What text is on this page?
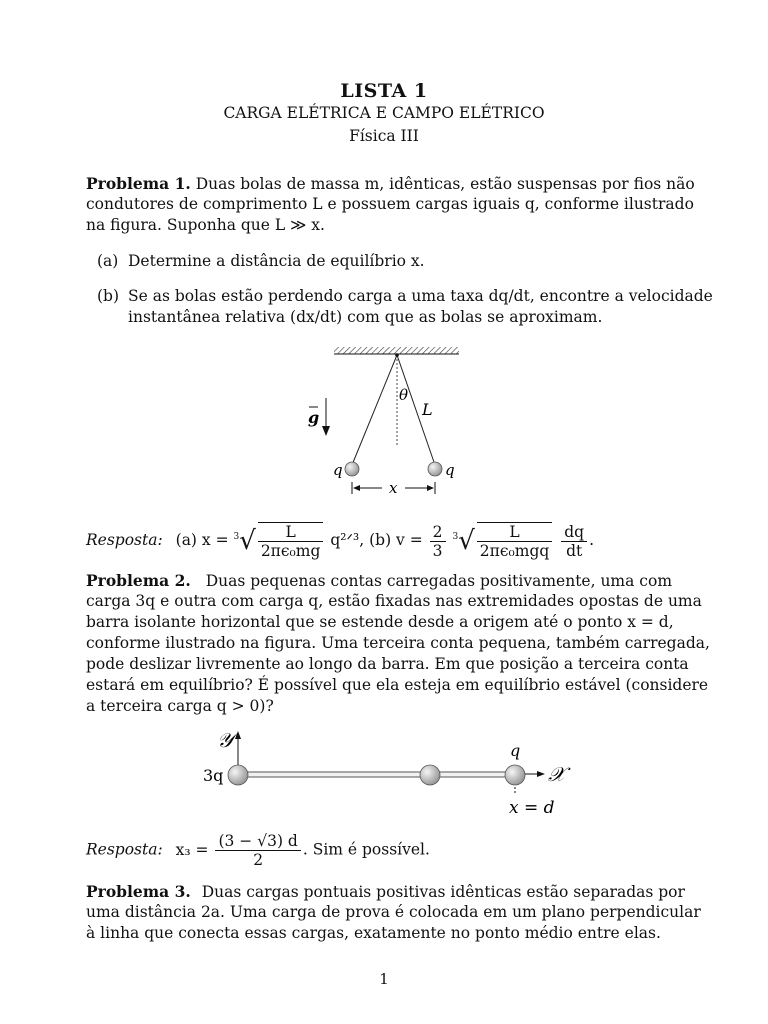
LISTA 1
CARGA ELÉTRICA E CAMPO ELÉTRICO
Física III
Problema 1. Duas bolas de massa m, idênticas, estão suspensas por fios não
condutores de comprimento L e possuem cargas iguais q, conforme ilustrado
na figura. Suponha que L ≫ x.
(a) Determine a distância de equilíbrio x.
(b) Se as bolas estão perdendo carga a uma taxa dq/dt, encontre a velocidade
instantânea relativa (dx/dt) com que as bolas se aproximam.
θ
L
g
q	q
x
Resposta: (a) $x = ^3√ \frac{L}{\text{2πϵ₀mg}}$ q²ᐟ³, (b) $v = \frac{2}{3} ^3√ \frac{L}{\text{2πϵ₀mgq}}$
$\frac{dq}{dt}$ .
Problema 2. Duas pequenas contas carregadas positivamente, uma com
carga 3q e outra com carga q, estão fixadas nas extremidades opostas de uma
barra isolante horizontal que se estende desde a origem até o ponto x = d,
conforme ilustrado na figura. Uma terceira conta pequena, também carregada,
pode deslizar livremente ao longo da barra. Em que posição a terceira conta
estará em equilíbrio? É possível que ela esteja em equilíbrio estável (considere
a terceira carga q > 0)?
𝒴
𝒳
3q
q
x = d
Resposta: $x_3 = \frac{(3 - √3) d}{2}$ . Sim é possível.
Problema 3. Duas cargas pontuais positivas idênticas estão separadas por
uma distância 2a. Uma carga de prova é colocada em um plano perpendicular
à linha que conecta essas cargas, exatamente no ponto médio entre elas.
1
